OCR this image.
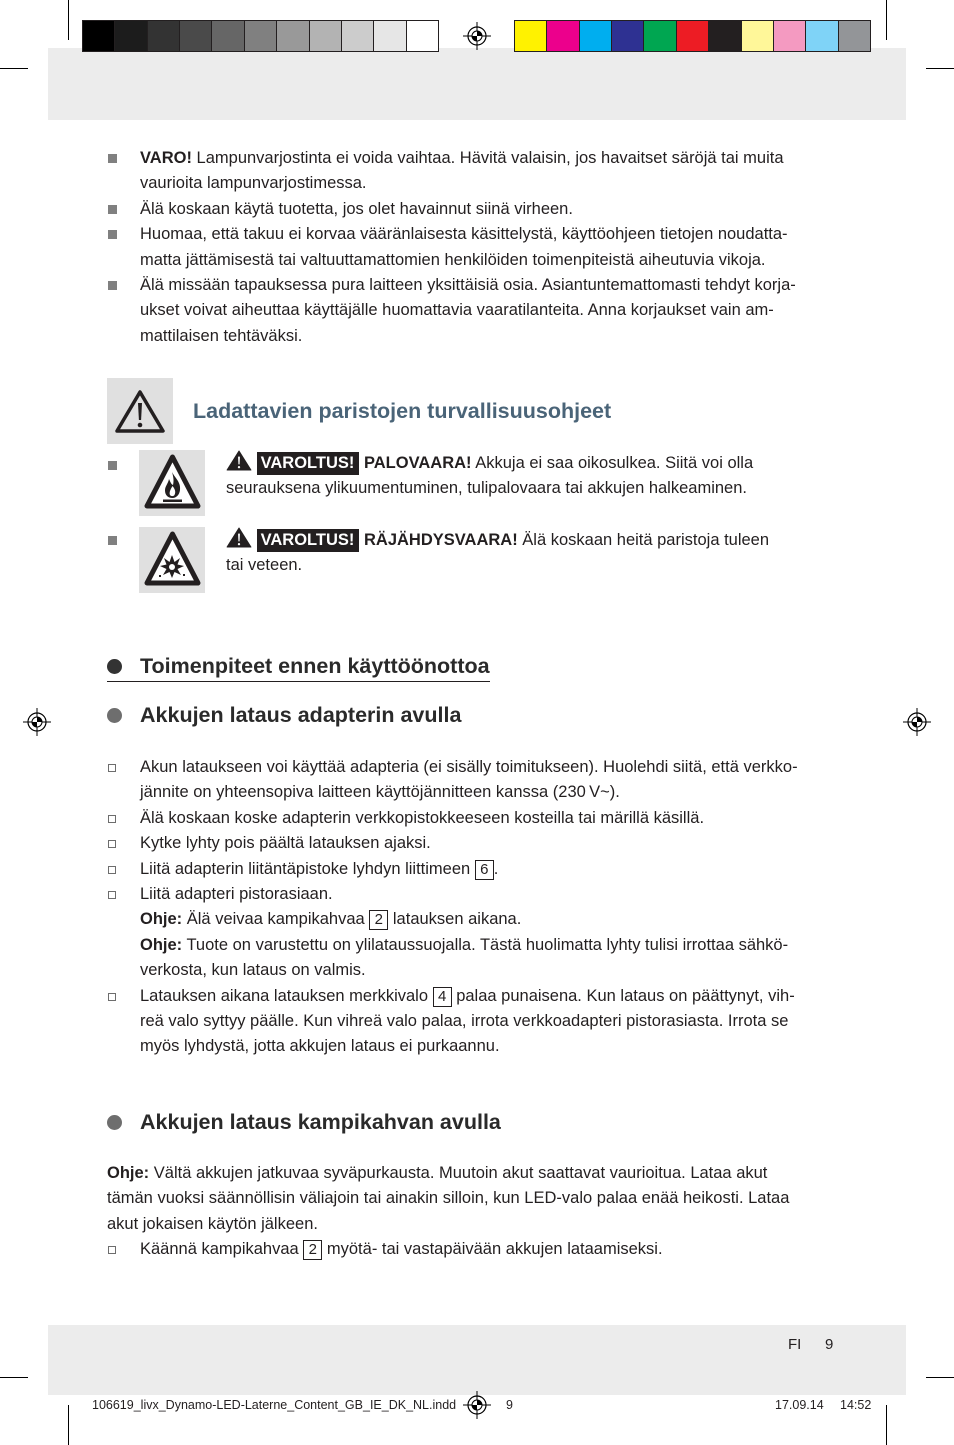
VARO! Lampunvarjostinta ei voida vaihtaa. Hävitä valaisin, jos havaitset säröjä tai muita
vaurioita lampunvarjostimessa.
Älä koskaan käytä tuotetta, jos olet havainnut siinä virheen.
Huomaa, että takuu ei korvaa vääränlaisesta käsittelystä, käyttöohjeen tietojen noudatta-
matta jättämisestä tai valtuuttamattomien henkilöiden toimenpiteistä aiheutuvia vikoja.
Älä missään tapauksessa pura laitteen yksittäisiä osia. Asiantuntemattomasti tehdyt korja-
ukset voivat aiheuttaa käyttäjälle huomattavia vaaratilanteita. Anna korjaukset vain am-
mattilaisen tehtäväksi.
Ladattavien paristojen turvallisuusohjeet
VAROLTUS! PALOVAARA! Akkuja ei saa oikosulkea. Siitä voi olla
seurauksena ylikuumentuminen, tulipalovaara tai akkujen halkeaminen.
VAROLTUS! RÄJÄHDYSVAARA! Älä koskaan heitä paristoja tuleen
tai veteen.
Toimenpiteet ennen käyttöönottoa
Akkujen lataus adapterin avulla
Akun lataukseen voi käyttää adapteria (ei sisälly toimitukseen). Huolehdi siitä, että verkko-
jännite on yhteensopiva laitteen käyttöjännitteen kanssa (230 V~).
Älä koskaan koske adapterin verkkopistokkeeseen kosteilla tai märillä käsillä.
Kytke lyhty pois päältä latauksen ajaksi.
Liitä adapterin liitäntäpistoke lyhdyn liittimeen 6 .
Liitä adapteri pistorasiaan.
Ohje: Älä veivaa kampikahvaa 2 latauksen aikana.
Ohje: Tuote on varustettu on ylilataussuojalla. Tästä huolimatta lyhty tulisi irrottaa sähkö-
verkosta, kun lataus on valmis.
Latauksen aikana latauksen merkkivalo 4 palaa punaisena. Kun lataus on päättynyt, vih-
reä valo syttyy päälle. Kun vihreä valo palaa, irrota verkkoadapteri pistorasiasta. Irrota se
myös lyhdystä, jotta akkujen lataus ei purkaannu.
Akkujen lataus kampikahvan avulla
Ohje: Vältä akkujen jatkuvaa syväpurkausta. Muutoin akut saattavat vaurioitua. Lataa akut
tämän vuoksi säännöllisin väliajoin tai ainakin silloin, kun LED-valo palaa enää heikosti. Lataa
akut jokaisen käytön jälkeen.
Käännä kampikahvaa 2 myötä- tai vastapäivään akkujen lataamiseksi.
FI 9
106619_livx_Dynamo-LED-Laterne_Content_GB_IE_DK_NL.indd	9	17.09.14 14:52
